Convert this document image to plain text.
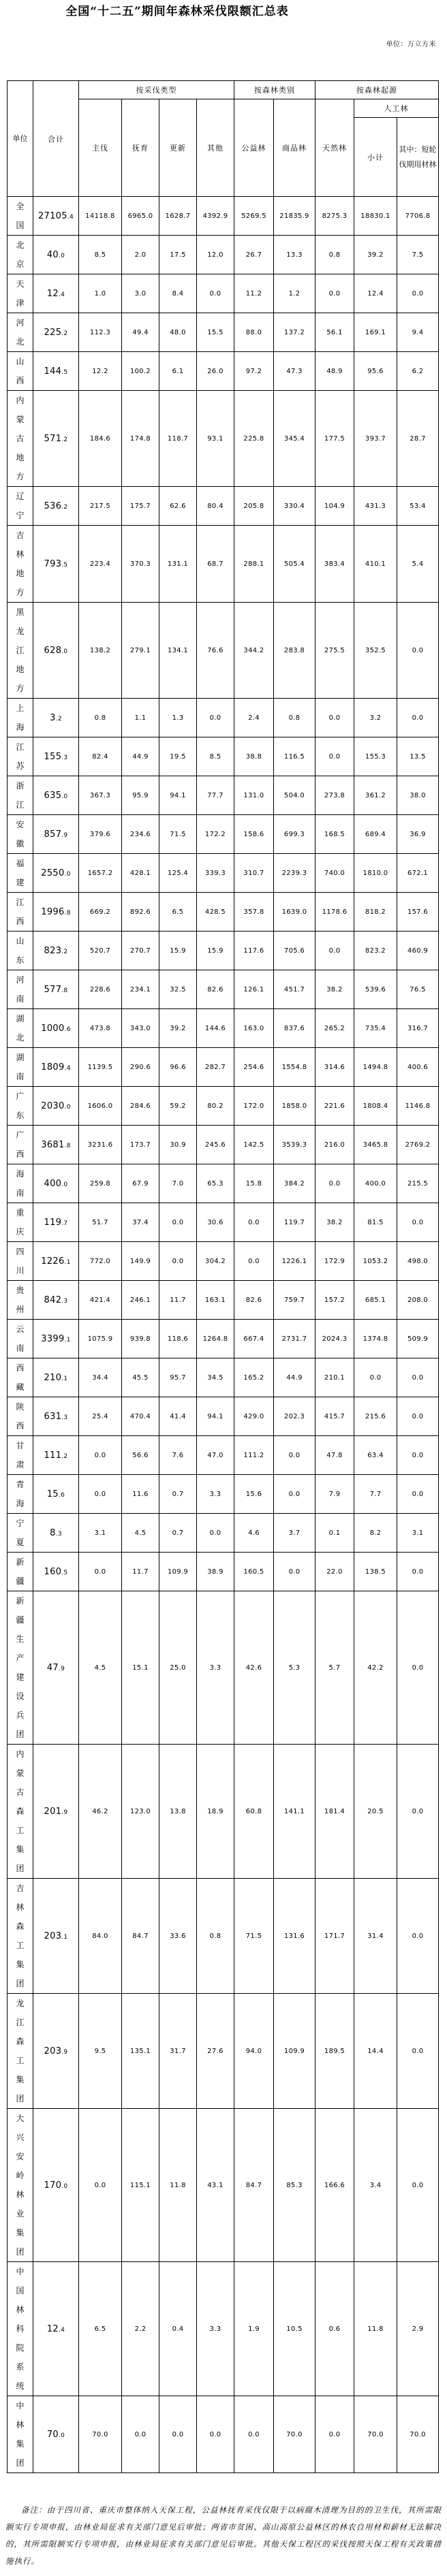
全国“十二五”期间年森林采伐限额汇总表
单位：万立方米
单位	合计	按采伐类型				按森林类别		按森林起源		
		主伐	抚育	更新	其他	公益林	商品林	天然林	人工林	
									小计	其中：短轮伐期用材林

全
国	27105.4	14118.8	6965.0	1628.7	4392.9	5269.5	21835.9	8275.3	18830.1	7706.8

北
京	40.0	8.5	2.0	17.5	12.0	26.7	13.3	0.8	39.2	7.5

天
津	12.4	1.0	3.0	8.4	0.0	11.2	1.2	0.0	12.4	0.0

河
北	225.2	112.3	49.4	48.0	15.5	88.0	137.2	56.1	169.1	9.4

山
西	144.5	12.2	100.2	6.1	26.0	97.2	47.3	48.9	95.6	6.2

内
蒙
古
地
方	571.2	184.6	174.8	118.7	93.1	225.8	345.4	177.5	393.7	28.7

辽
宁	536.2	217.5	175.7	62.6	80.4	205.8	330.4	104.9	431.3	53.4

吉
林
地
方	793.5	223.4	370.3	131.1	68.7	288.1	505.4	383.4	410.1	5.4

黑
龙
江
地
方	628.0	138.2	279.1	134.1	76.6	344.2	283.8	275.5	352.5	0.0

上
海	3.2	0.8	1.1	1.3	0.0	2.4	0.8	0.0	3.2	0.0

江
苏	155.3	82.4	44.9	19.5	8.5	38.8	116.5	0.0	155.3	13.5

浙
江	635.0	367.3	95.9	94.1	77.7	131.0	504.0	273.8	361.2	38.0

安
徽	857.9	379.6	234.6	71.5	172.2	158.6	699.3	168.5	689.4	36.9

福
建	2550.0	1657.2	428.1	125.4	339.3	310.7	2239.3	740.0	1810.0	672.1

江
西	1996.8	669.2	892.6	6.5	428.5	357.8	1639.0	1178.6	818.2	157.6

山
东	823.2	520.7	270.7	15.9	15.9	117.6	705.6	0.0	823.2	460.9

河
南	577.8	228.6	234.1	32.5	82.6	126.1	451.7	38.2	539.6	76.5

湖
北	1000.6	473.8	343.0	39.2	144.6	163.0	837.6	265.2	735.4	316.7

湖
南	1809.4	1139.5	290.6	96.6	282.7	254.6	1554.8	314.6	1494.8	400.6

广
东	2030.0	1606.0	284.6	59.2	80.2	172.0	1858.0	221.6	1808.4	1146.8

广
西	3681.8	3231.6	173.7	30.9	245.6	142.5	3539.3	216.0	3465.8	2769.2

海
南	400.0	259.8	67.9	7.0	65.3	15.8	384.2	0.0	400.0	215.5

重
庆	119.7	51.7	37.4	0.0	30.6	0.0	119.7	38.2	81.5	0.0

四
川	1226.1	772.0	149.9	0.0	304.2	0.0	1226.1	172.9	1053.2	498.0

贵
州	842.3	421.4	246.1	11.7	163.1	82.6	759.7	157.2	685.1	208.0

云
南	3399.1	1075.9	939.8	118.6	1264.8	667.4	2731.7	2024.3	1374.8	509.9

西
藏	210.1	34.4	45.5	95.7	34.5	165.2	44.9	210.1	0.0	0.0

陕
西	631.3	25.4	470.4	41.4	94.1	429.0	202.3	415.7	215.6	0.0

甘
肃	111.2	0.0	56.6	7.6	47.0	111.2	0.0	47.8	63.4	0.0

青
海	15.6	0.0	11.6	0.7	3.3	15.6	0.0	7.9	7.7	0.0

宁
夏	8.3	3.1	4.5	0.7	0.0	4.6	3.7	0.1	8.2	3.1

新
疆	160.5	0.0	11.7	109.9	38.9	160.5	0.0	22.0	138.5	0.0

新
疆
生
产
建
设
兵
团
	47.9	4.5	15.1	25.0	3.3	42.6	5.3	5.7	42.2	0.0

内
蒙
古
森
工
集
团
	201.9	46.2	123.0	13.8	18.9	60.8	141.1	181.4	20.5	0.0

吉
林
森
工
集
团
	203.1	84.0	84.7	33.6	0.8	71.5	131.6	171.7	31.4	0.0

龙
江
森
工
集
团
	203.9	9.5	135.1	31.7	27.6	94.0	109.9	189.5	14.4	0.0

大
兴
安
岭
林
业
集
团
	170.0	0.0	115.1	11.8	43.1	84.7	85.3	166.6	3.4	0.0

中
国
林
科
院
系
统
	12.4	6.5	2.2	0.4	3.3	1.9	10.5	0.6	11.8	2.9

中
林
集
团	70.0	70.0	0.0	0.0	0.0	0.0	70.0	0.0	70.0	70.0

备注：由于四川省、重庆市整体纳入天保工程，公益林抚育采伐仅限于以病腐木清理为目的的卫生伐，其所需限额实行专项申报，由林业局征求有关部门意见后审批；两省市贫困、高山高原公益林区的林农自用材和薪材无法解决的，其所需限额实行专项申报，由林业局征求有关部门意见后审批。其他天保工程区的采伐按照天保工程有关政策措施执行。
